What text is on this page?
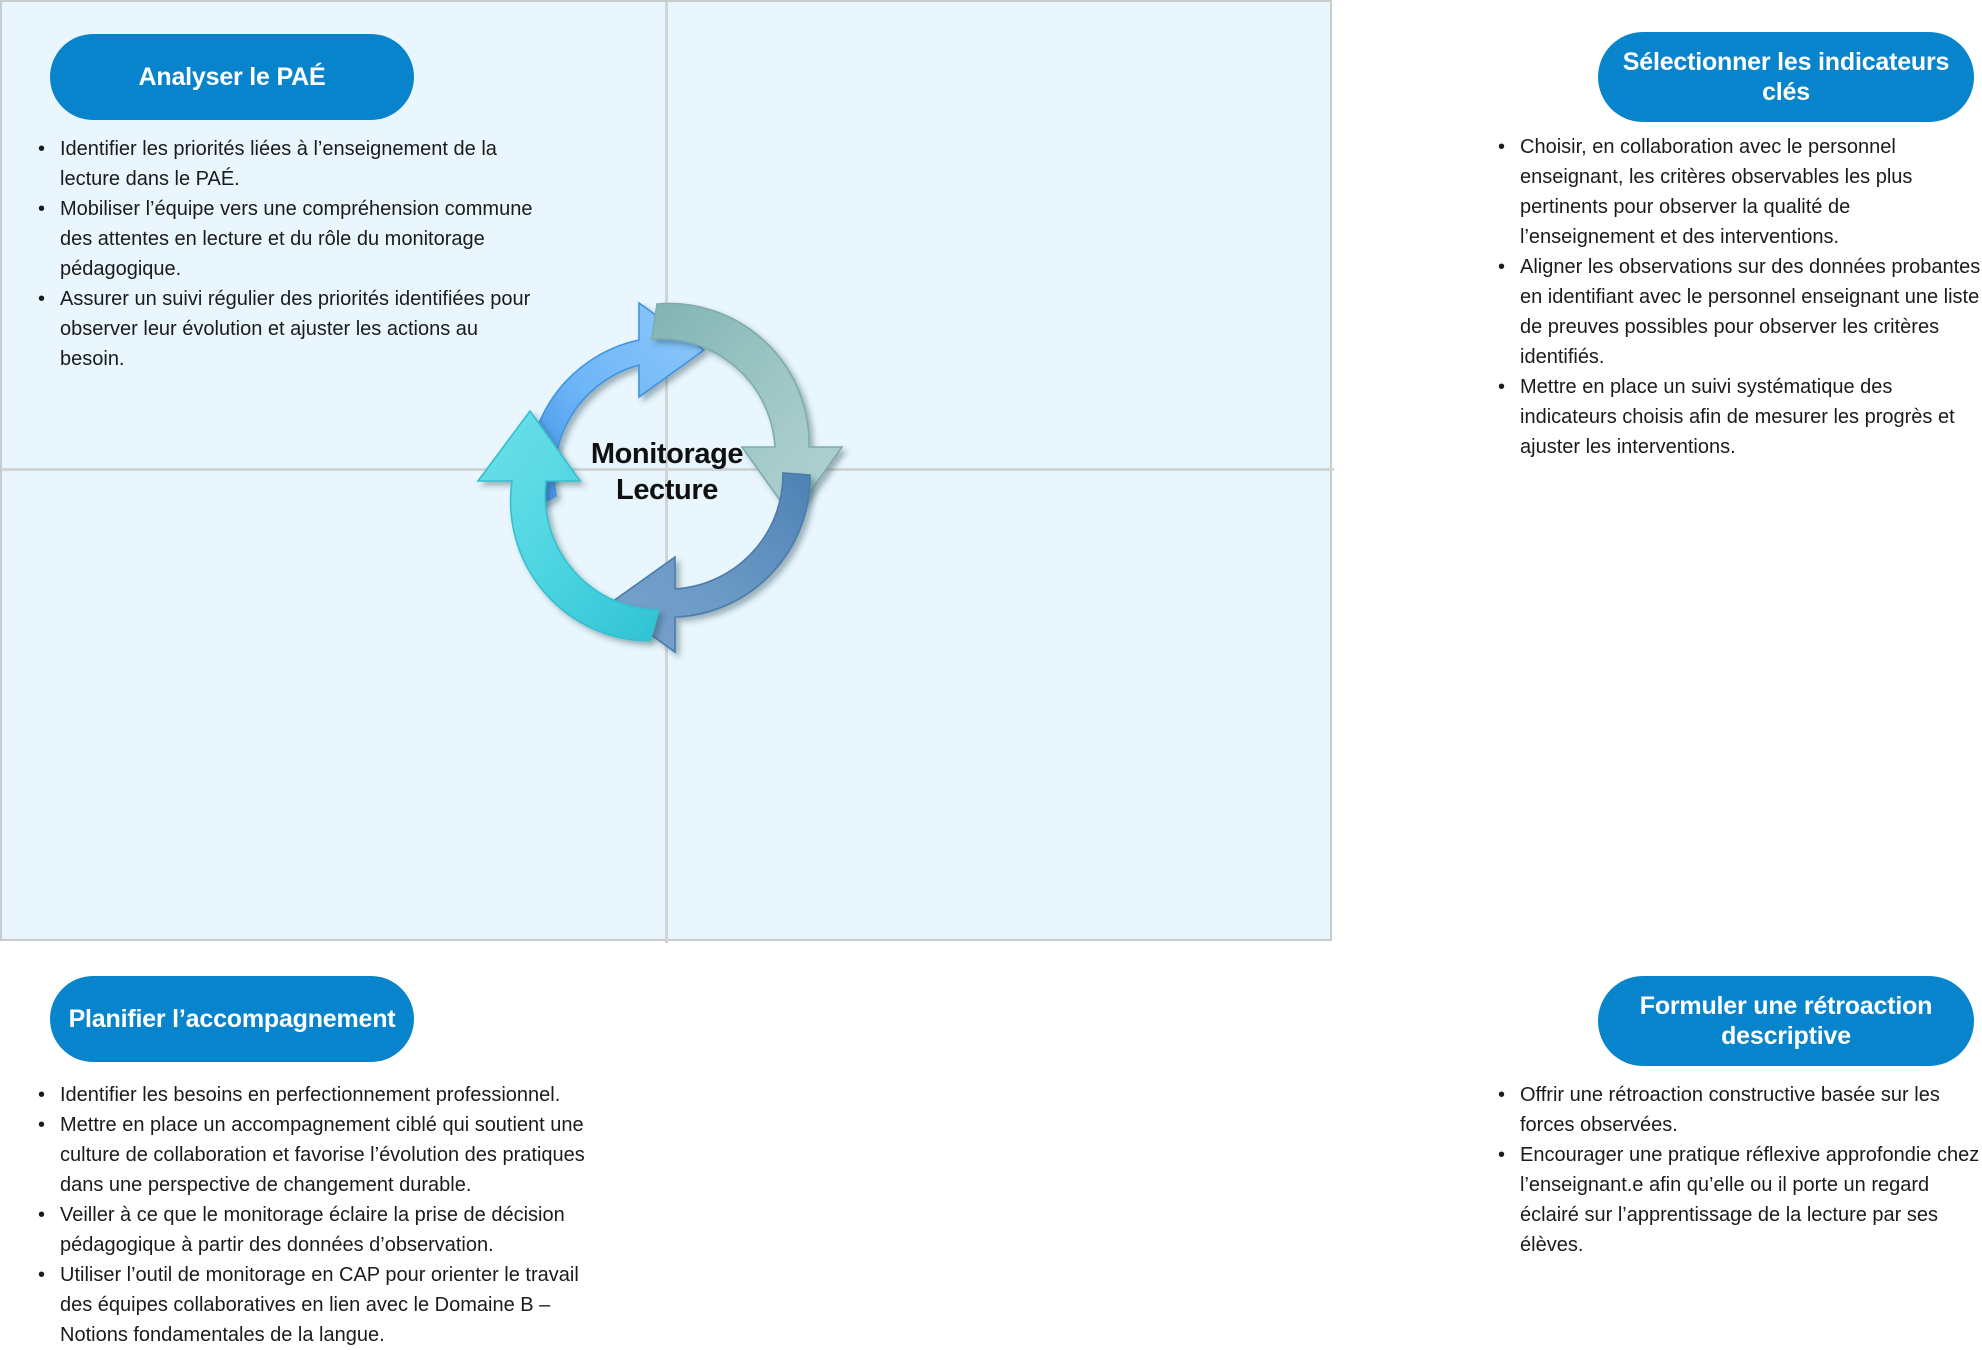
Analyser le PAÉ
• Identifier les priorités liées à l’enseignement de la lecture dans le PAÉ.
• Mobiliser l’équipe vers une compréhension commune des attentes en lecture et du rôle du monitorage pédagogique.
• Assurer un suivi régulier des priorités identifiées pour observer leur évolution et ajuster les actions au besoin.
Sélectionner les indicateurs clés
• Choisir, en collaboration avec le personnel enseignant, les critères observables les plus pertinents pour observer la qualité de l’enseignement et des interventions.
• Aligner les observations sur des données probantes en identifiant avec le personnel enseignant une liste de preuves possibles pour observer les critères identifiés.
• Mettre en place un suivi systématique des indicateurs choisis afin de mesurer les progrès et ajuster les interventions.
Planifier l’accompagnement
• Identifier les besoins en perfectionnement professionnel.
• Mettre en place un accompagnement ciblé qui soutient une culture de collaboration et favorise l’évolution des pratiques dans une perspective de changement durable.
• Veiller à ce que le monitorage éclaire la prise de décision pédagogique à partir des données d’observation.
• Utiliser l’outil de monitorage en CAP pour orienter le travail des équipes collaboratives en lien avec le Domaine B – Notions fondamentales de la langue.
Formuler une rétroaction descriptive
• Offrir une rétroaction constructive basée sur les forces observées.
• Encourager une pratique réflexive approfondie chez l’enseignant.e afin qu’elle ou il porte un regard éclairé sur l’apprentissage de la lecture par ses élèves.
Monitorage
Lecture
